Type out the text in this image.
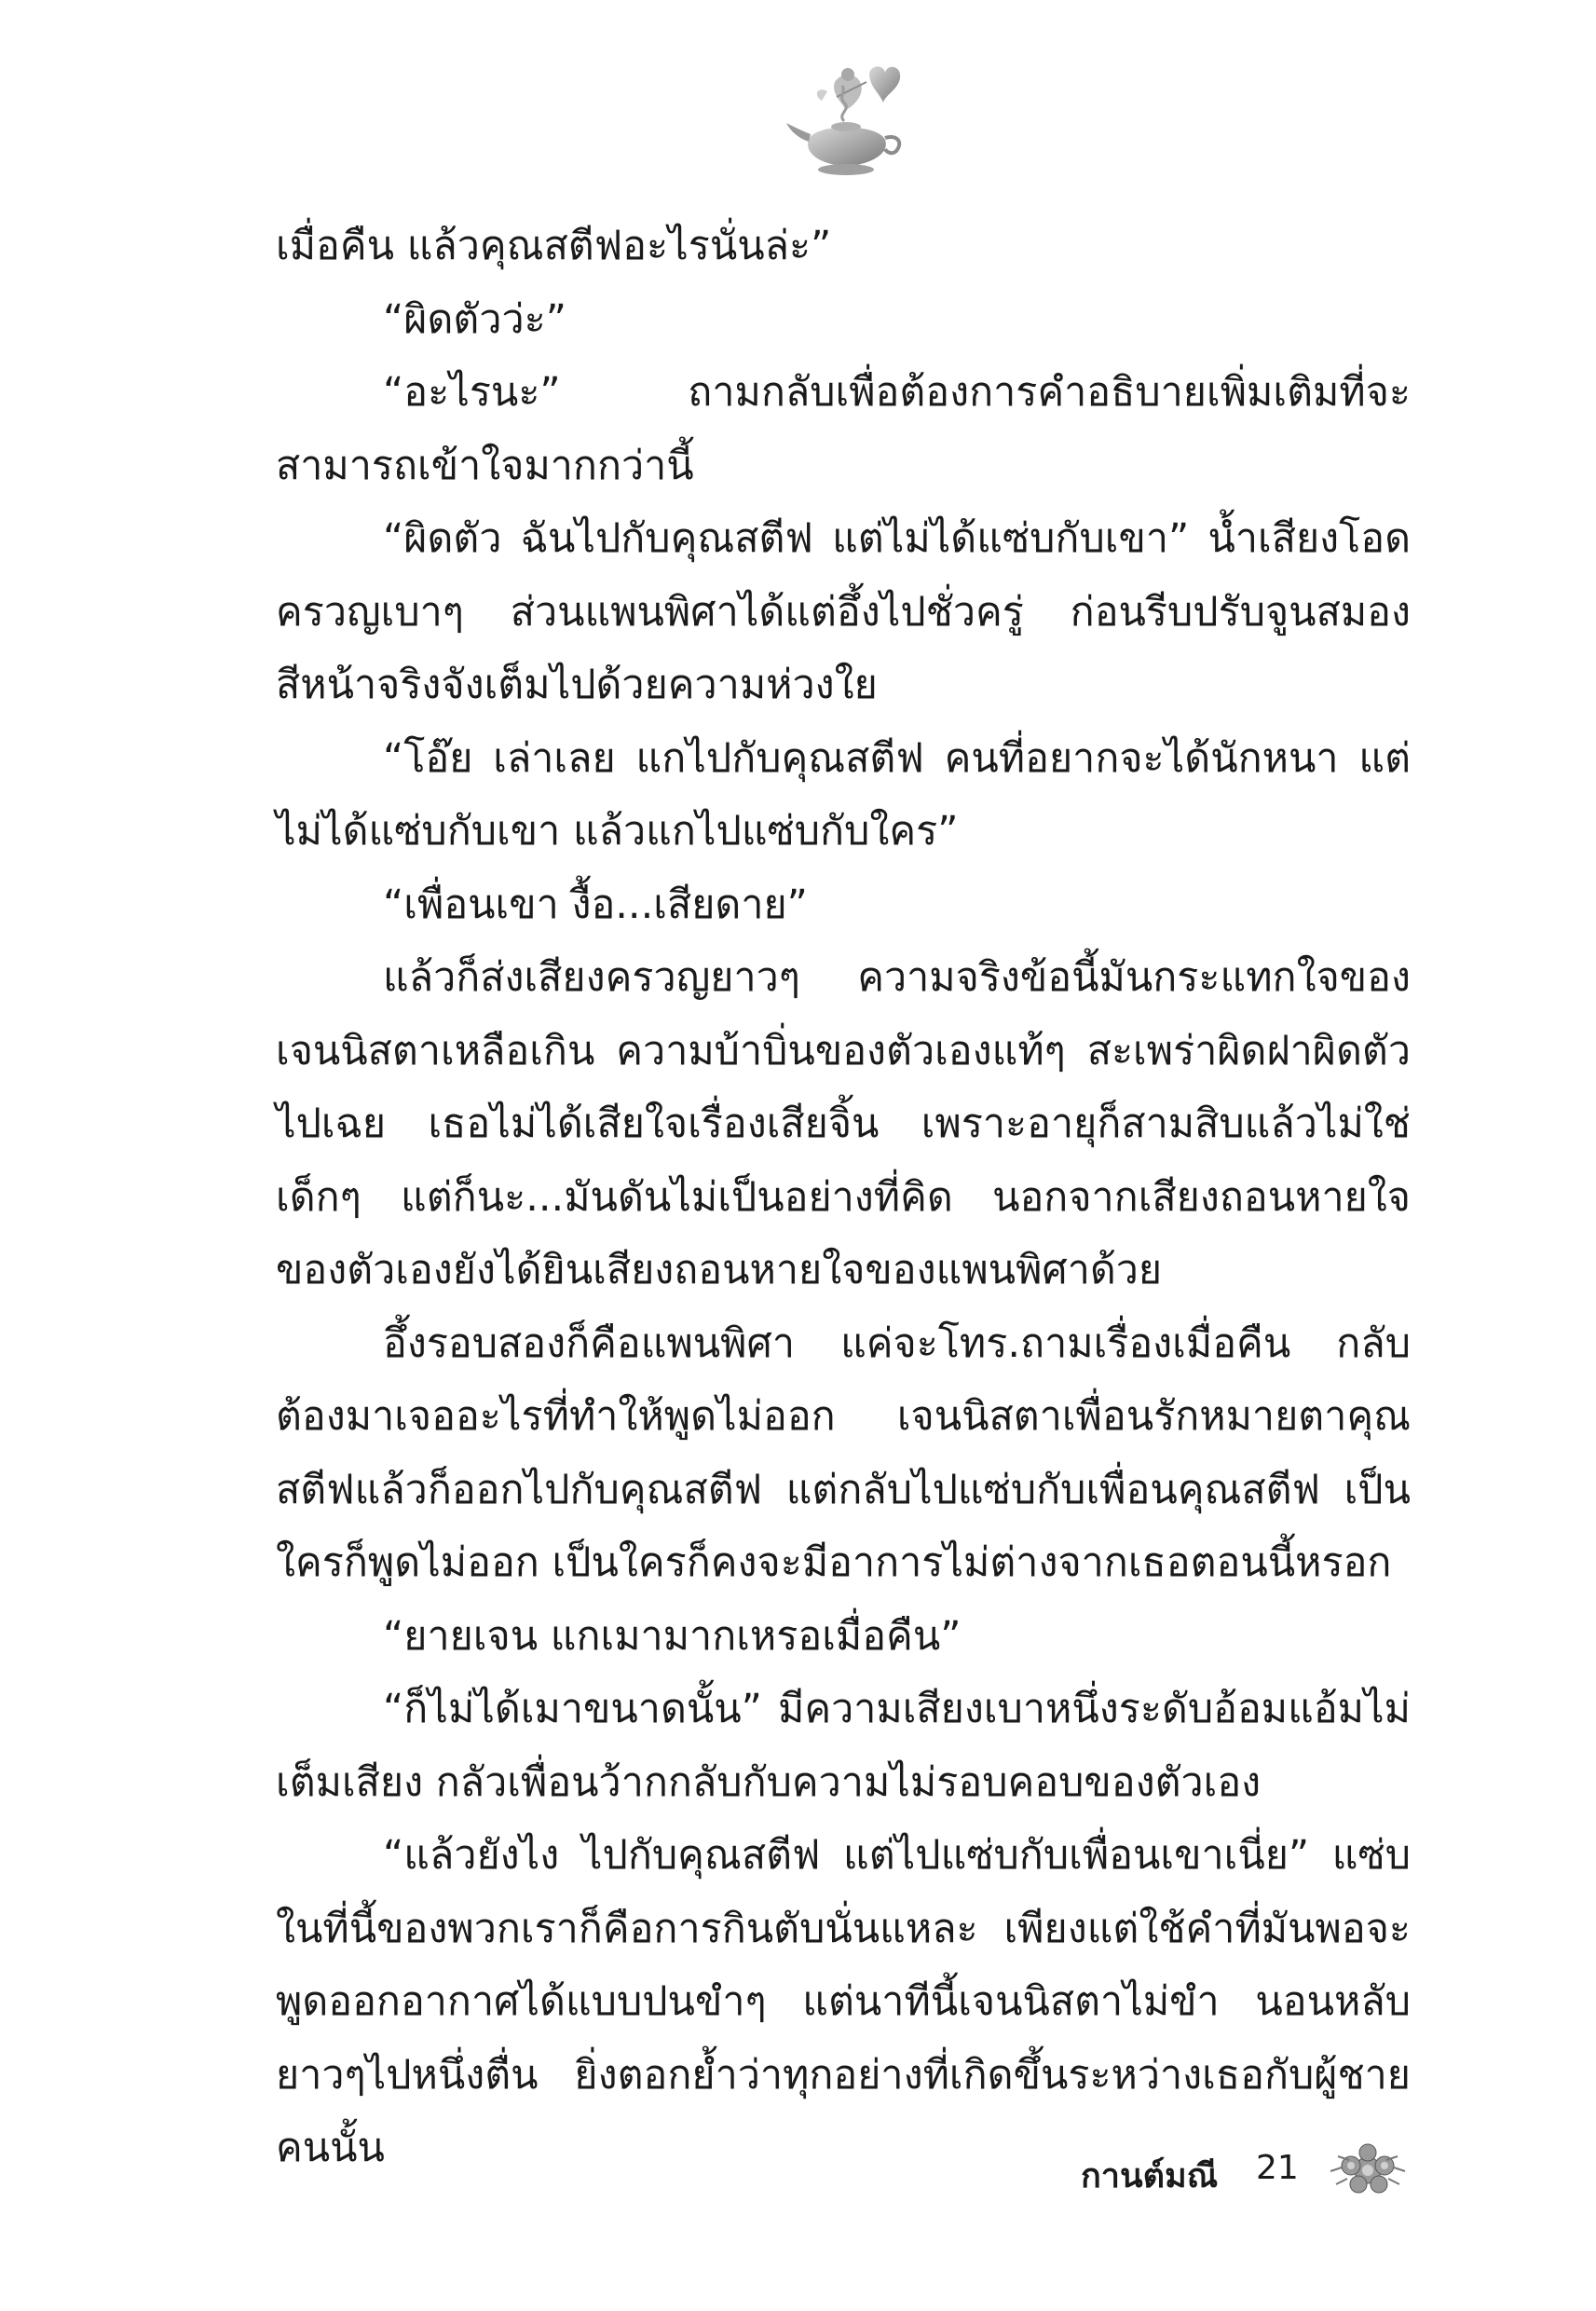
เมื่อคืน แล้วคุณสตีฟอะไรนั่นล่ะ”

“ผิดตัวว่ะ”

“อะไรนะ” ถามกลับเพื่อต้องการคำอธิบายเพิ่มเติมที่จะสามารถเข้าใจมากกว่านี้

“ผิดตัว ฉันไปกับคุณสตีฟ แต่ไม่ได้แซ่บกับเขา” น้ำเสียงโอดครวญเบาๆ ส่วนแพนพิศาได้แต่อึ้งไปชั่วครู่ ก่อนรีบปรับจูนสมองสีหน้าจริงจังเต็มไปด้วยความห่วงใย

“โอ๊ย เล่าเลย แกไปกับคุณสตีฟ คนที่อยากจะได้นักหนา แต่ไม่ได้แซ่บกับเขา แล้วแกไปแซ่บกับใคร”

“เพื่อนเขา งื้อ...เสียดาย”

แล้วก็ส่งเสียงครวญยาวๆ ความจริงข้อนี้มันกระแทกใจของเจนนิสตาเหลือเกิน ความบ้าบิ่นของตัวเองแท้ๆ สะเพร่าผิดฝาผิดตัวไปเฉย เธอไม่ได้เสียใจเรื่องเสียจิ้น เพราะอายุก็สามสิบแล้วไม่ใช่เด็กๆ แต่ก็นะ...มันดันไม่เป็นอย่างที่คิด นอกจากเสียงถอนหายใจของตัวเองยังได้ยินเสียงถอนหายใจของแพนพิศาด้วย

อึ้งรอบสองก็คือแพนพิศา แค่จะโทร.ถามเรื่องเมื่อคืน กลับต้องมาเจออะไรที่ทำให้พูดไม่ออก เจนนิสตาเพื่อนรักหมายตาคุณสตีฟแล้วก็ออกไปกับคุณสตีฟ แต่กลับไปแซ่บกับเพื่อนคุณสตีฟ เป็นใครก็พูดไม่ออก เป็นใครก็คงจะมีอาการไม่ต่างจากเธอตอนนี้หรอก

“ยายเจน แกเมามากเหรอเมื่อคืน”

“ก็ไม่ได้เมาขนาดนั้น” มีความเสียงเบาหนึ่งระดับอ้อมแอ้มไม่เต็มเสียง กลัวเพื่อนว้ากกลับกับความไม่รอบคอบของตัวเอง

“แล้วยังไง ไปกับคุณสตีฟ แต่ไปแซ่บกับเพื่อนเขาเนี่ย” แซ่บในที่นี้ของพวกเราก็คือการกินตับนั่นแหละ เพียงแต่ใช้คำที่มันพอจะพูดออกอากาศได้แบบปนขำๆ แต่นาทีนี้เจนนิสตาไม่ขำ นอนหลับยาวๆไปหนึ่งตื่น ยิ่งตอกย้ำว่าทุกอย่างที่เกิดขึ้นระหว่างเธอกับผู้ชายคนนั้น

กานต์มณี 21
